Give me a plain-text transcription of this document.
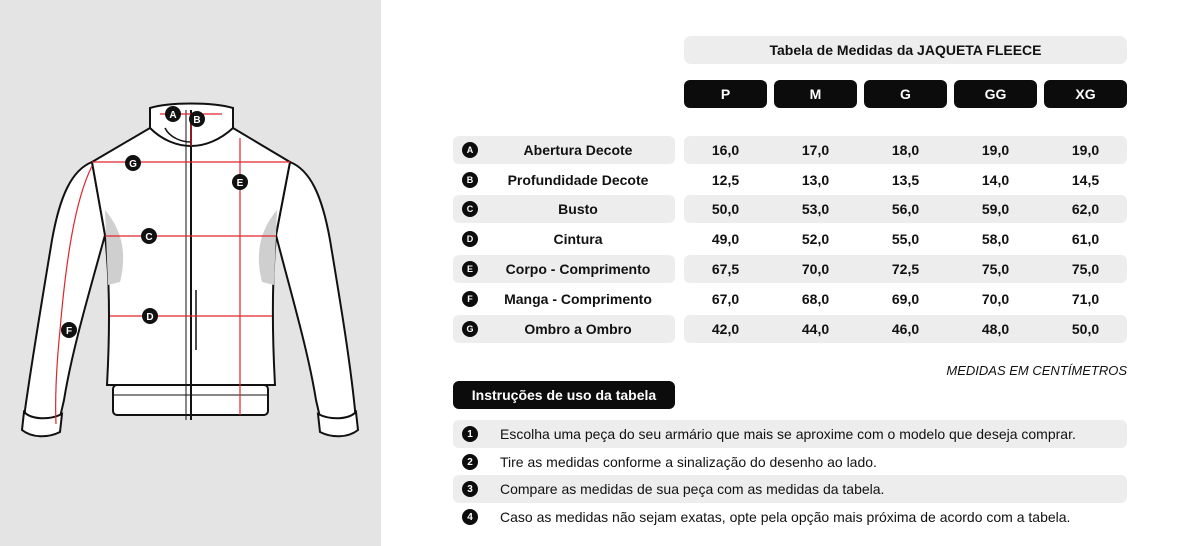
A B
C
D
E
F
G
Tabela de Medidas da JAQUETA FLEECE
P	M	G	GG	XG
A	Abertura Decote	16,0	17,0	18,0	19,0	19,0
B	Profundidade Decote	12,5	13,0	13,5	14,0	14,5
C	Busto	50,0	53,0	56,0	59,0	62,0
D	Cintura	49,0	52,0	55,0	58,0	61,0
E	Corpo - Comprimento	67,5	70,0	72,5	75,0	75,0
F	Manga - Comprimento	67,0	68,0	69,0	70,0	71,0
G	Ombro a Ombro	42,0	44,0	46,0	48,0	50,0
MEDIDAS EM CENTÍMETROS
Instruções de uso da tabela
1	Escolha uma peça do seu armário que mais se aproxime com o modelo que deseja comprar.
2	Tire as medidas conforme a sinalização do desenho ao lado.
3	Compare as medidas de sua peça com as medidas da tabela.
4	Caso as medidas não sejam exatas, opte pela opção mais próxima de acordo com a tabela.
